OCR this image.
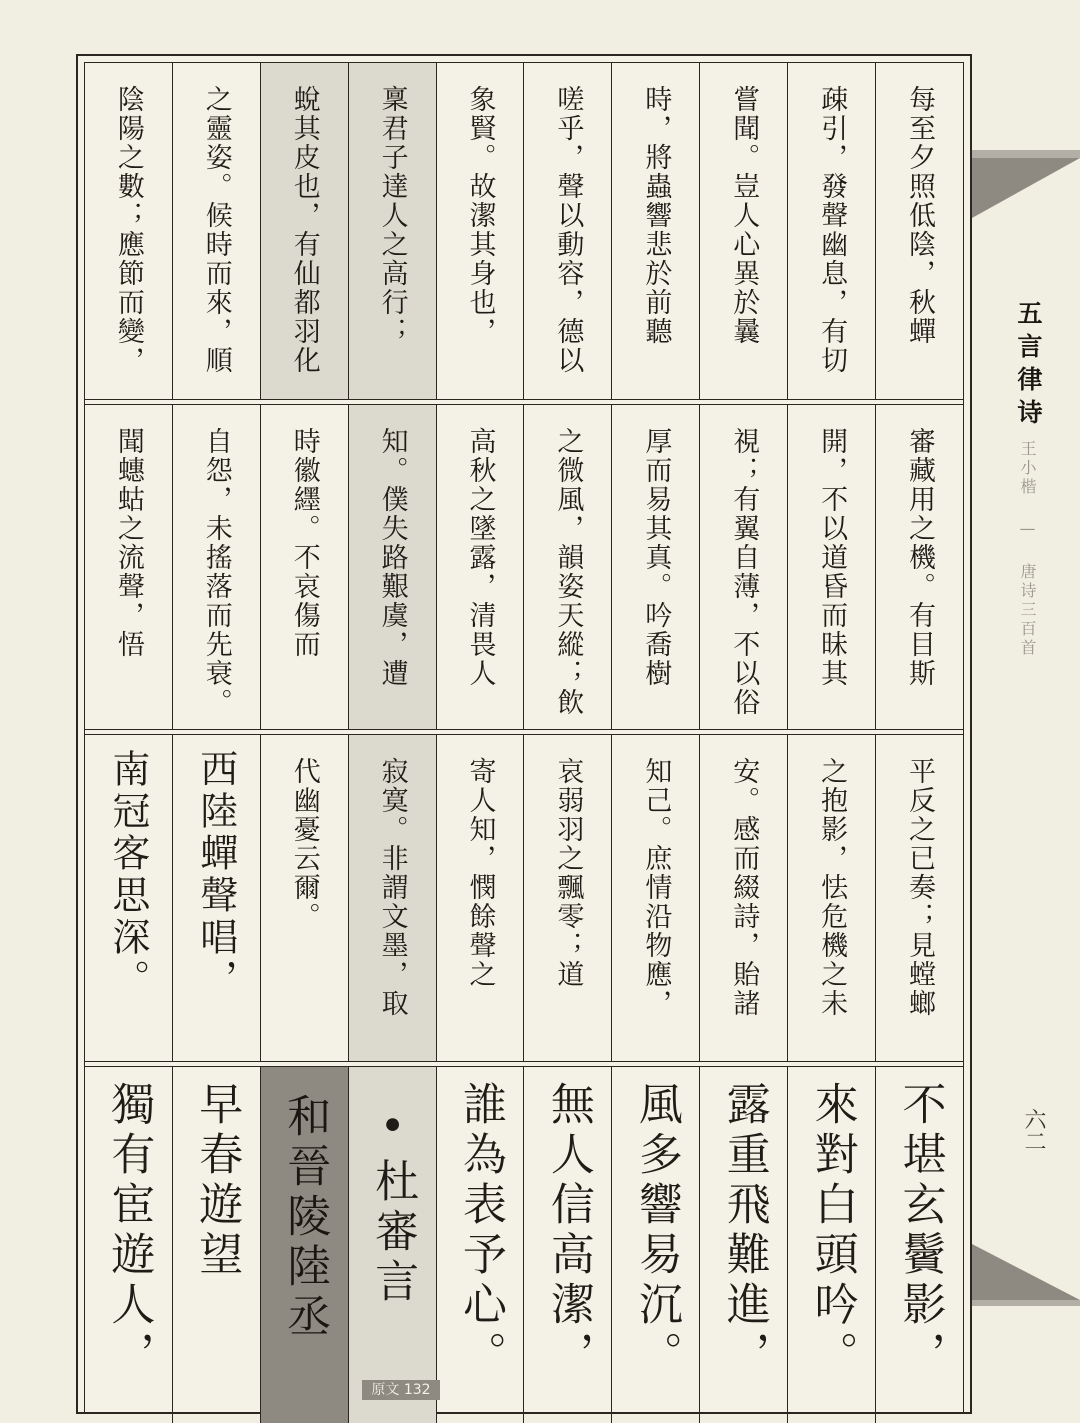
每至夕照低陰，秋蟬
疎引，發聲幽息，有切
嘗聞。豈人心異於曩
時，將蟲響悲於前聽
嗟乎，聲以動容，德以
象賢。故潔其身也，
稟君子達人之高行；
蛻其皮也，有仙都羽化
之靈姿。候時而來，順
陰陽之數；應節而變，
審藏用之機。有目斯
開，不以道昏而昧其
視；有翼自薄，不以俗
厚而易其真。吟喬樹
之微風，韻姿天縱；飲
高秋之墜露，清畏人
知。僕失路艱虞，遭
時徽纆。不哀傷而
自怨，未搖落而先衰。
聞蟪蛄之流聲，悟
平反之已奏；見螳螂
之抱影，怯危機之未
安。感而綴詩，貽諸
知己。庶情沿物應，
哀弱羽之飄零；道
寄人知，憫餘聲之
寂寞。非謂文墨，取
代幽憂云爾。
西陸蟬聲唱，
南冠客思深。
不堪玄鬢影，
來對白頭吟。
露重飛難進，
風多響易沉。
無人信高潔，
誰為表予心。
•杜審言
和晉陵陸丞
早春遊望
獨有宦遊人，
原文 132
五言律诗
王小楷 — 唐诗三百首
六二
